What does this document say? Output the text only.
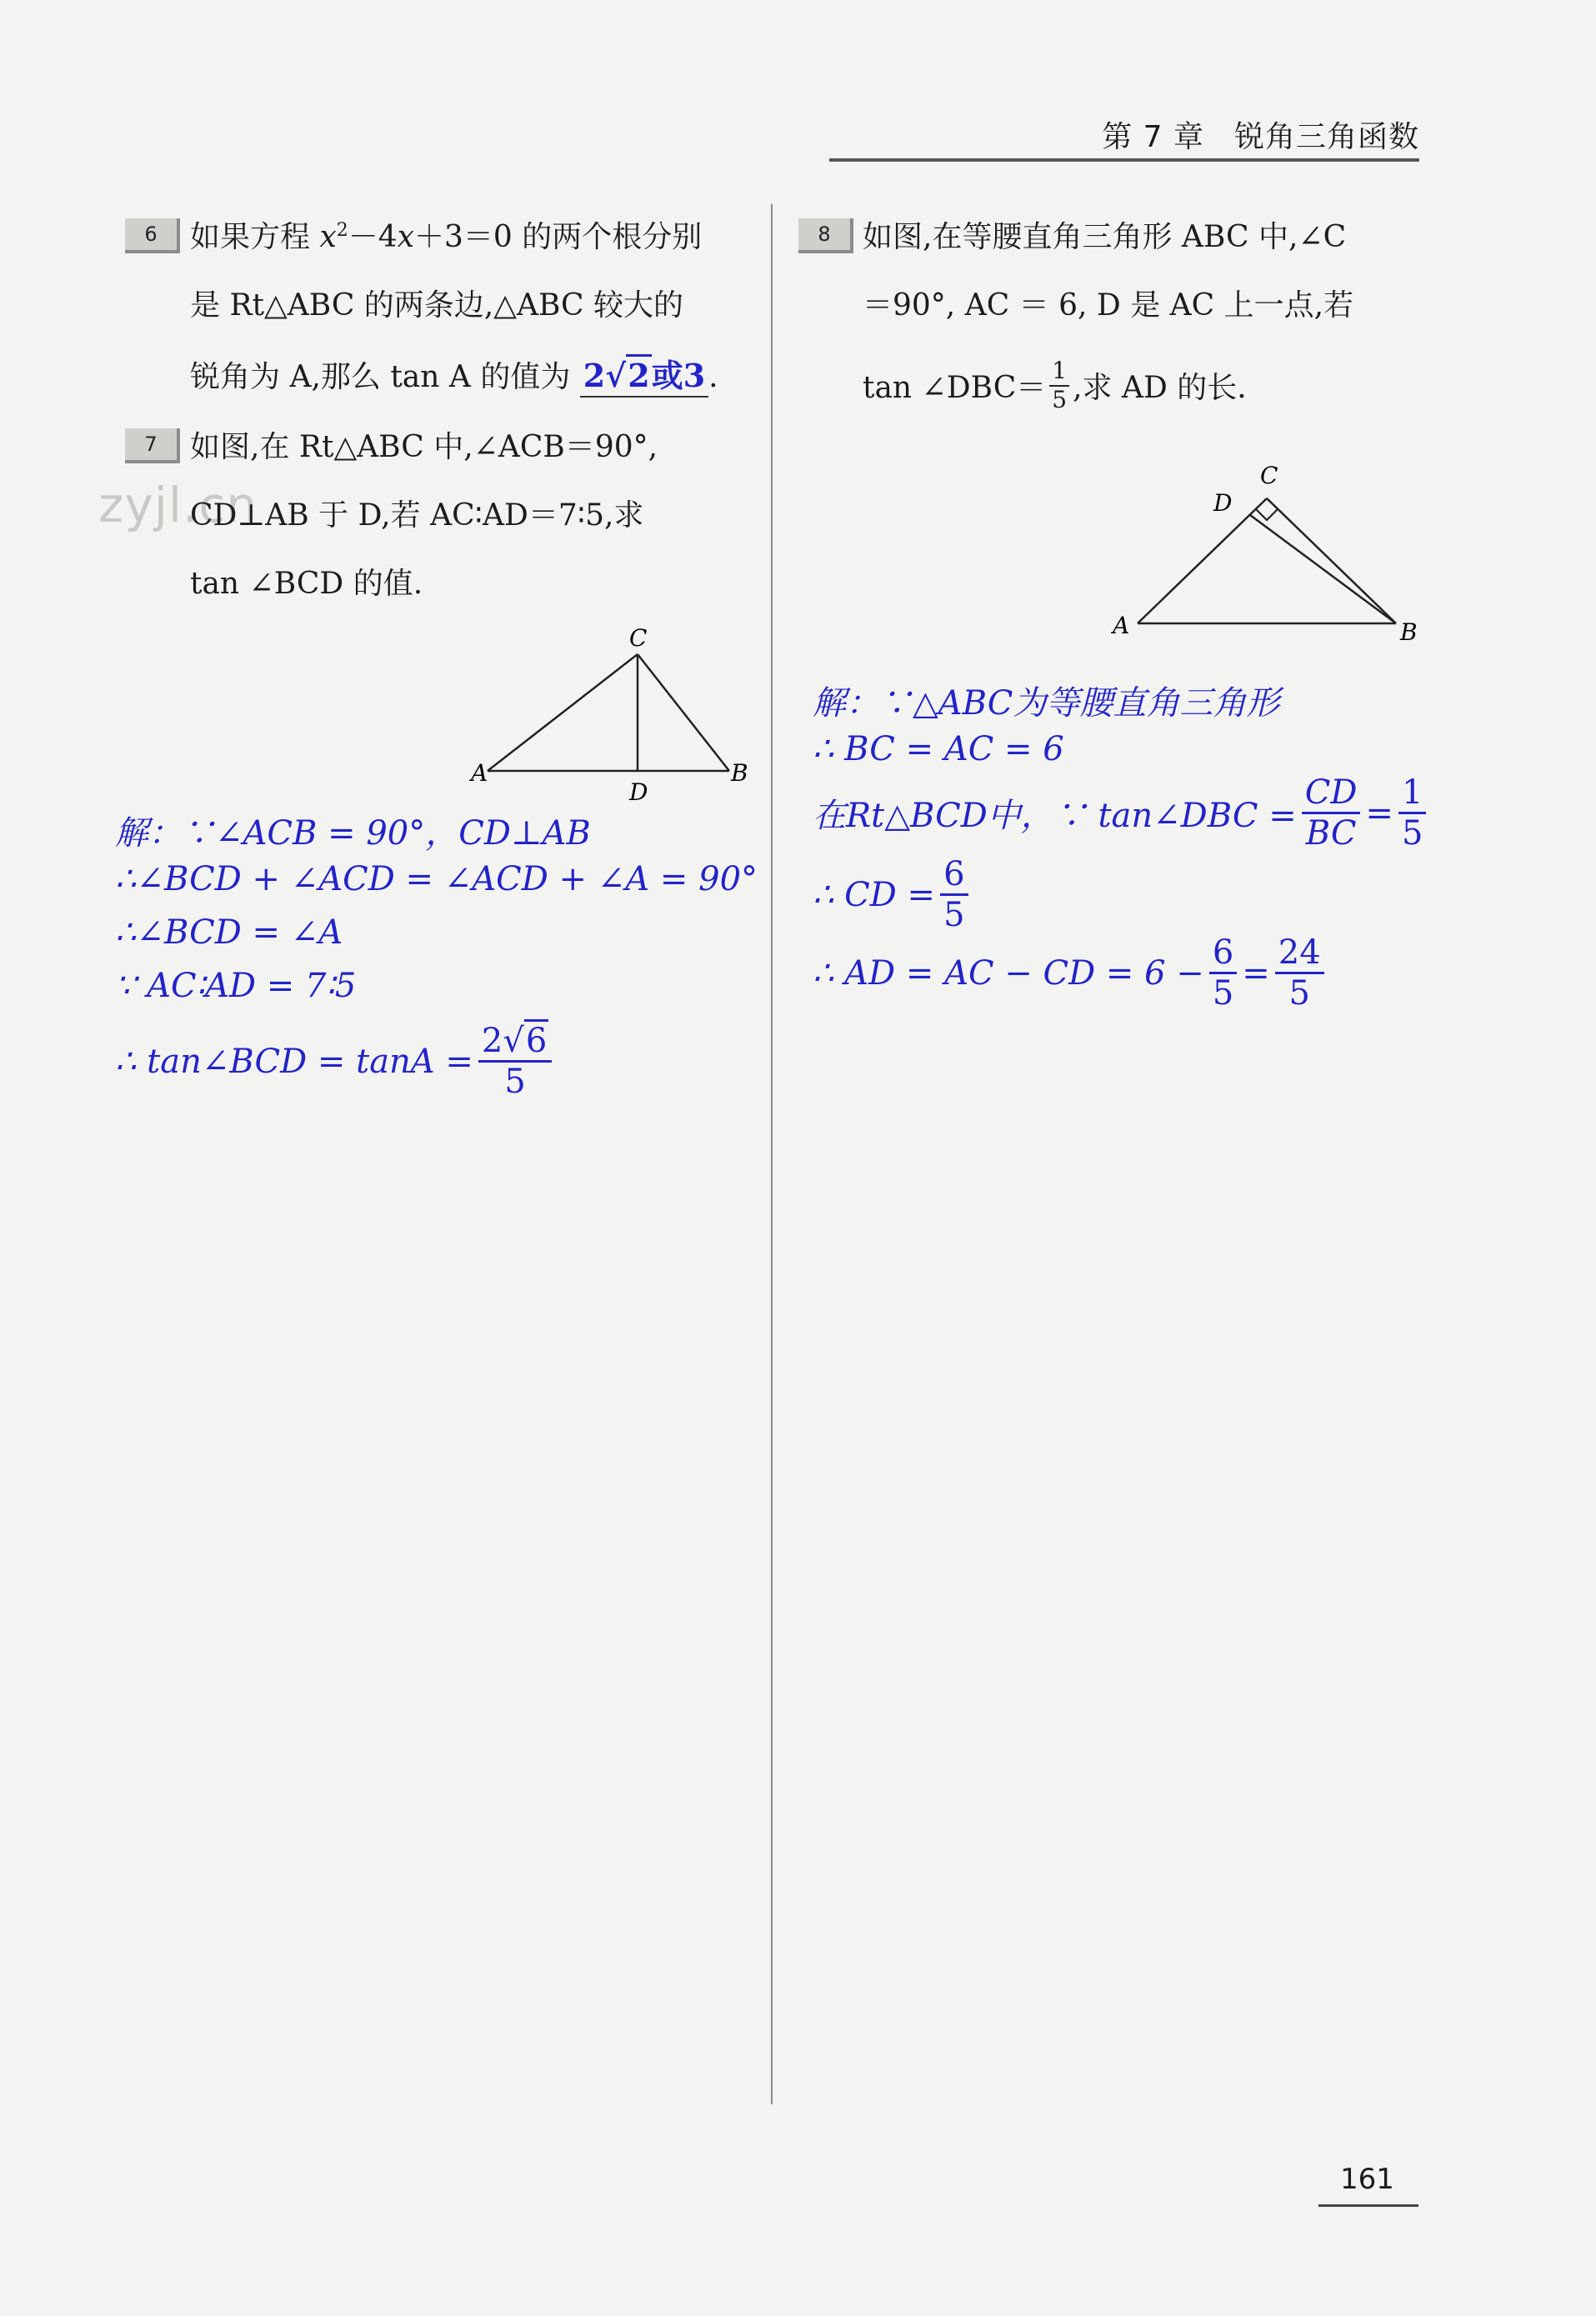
第 7 章 锐角三角函数
zyjl.cn
6	如果方程 $x^2-4x+3=0$ 的两个根分别
是 Rt△ABC 的两条边,△ABC 较大的
锐角为 A,那么 tan A 的值为 2√2或3 .
7	如图,在 Rt△ABC 中,∠ACB＝90°,
CD⊥AB 于 D,若 AC∶AD＝7∶5,求
tan ∠BCD 的值.
C
A
D
B
解：∵∠ACB = 90°，CD⊥AB
∴∠BCD + ∠ACD = ∠ACD + ∠A = 90°
∴∠BCD = ∠A
∵ AC∶AD = 7∶5
∴ tan∠BCD = $\tan A = \frac{2√6}{5}$
8	如图,在等腰直角三角形 ABC 中,∠C
＝90°, AC ＝ 6, D 是 AC 上一点,若
tan ∠DBC＝ $\frac{1}{5}$ ,求 AD 的长.
C
D
A	B
解：∵△ABC为等腰直角三角形
∴ BC = AC = 6
在Rt△BCD中，∵ tan∠DBC = $\frac{CD}{BC} = \frac{1}{5}$
∴ CD = $\frac{6}{5}$
∴ AD = AC − CD = $6 - \frac{6}{5} = \frac{24}{5}$
161
